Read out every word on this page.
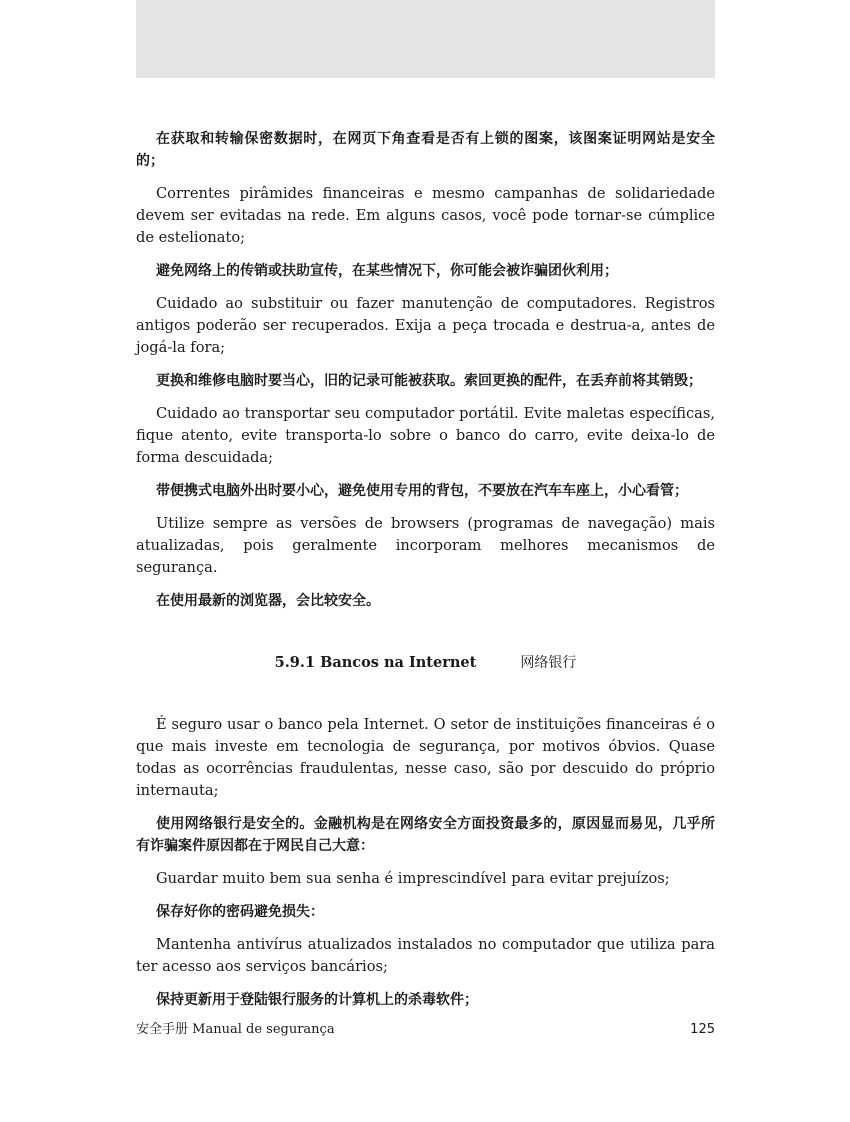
在获取和转输保密数据时，在网页下角查看是否有上锁的图案，该图案证明网站是安全的；

Correntes pirâmides financeiras e mesmo campanhas de solidariedade devem ser evitadas na rede. Em alguns casos, você pode tornar-se cúmplice de estelionato;

避免网络上的传销或扶助宣传，在某些情况下，你可能会被诈骗团伙利用；

Cuidado ao substituir ou fazer manutenção de computadores. Registros antigos poderão ser recuperados. Exija a peça trocada e destrua-a, antes de jogá-la fora;

更换和维修电脑时要当心，旧的记录可能被获取。索回更换的配件，在丢弃前将其销毁；

Cuidado ao transportar seu computador portátil. Evite maletas específicas, fique atento, evite transporta-lo sobre o banco do carro, evite deixa-lo de forma descuidada;

带便携式电脑外出时要小心，避免使用专用的背包，不要放在汽车车座上，小心看管；

Utilize sempre as versões de browsers (programas de navegação) mais atualizadas, pois geralmente incorporam melhores mecanismos de segurança.

在使用最新的浏览器，会比较安全。

5.9.1 Bancos na Internet	网络银行

É seguro usar o banco pela Internet. O setor de instituições financeiras é o que mais investe em tecnologia de segurança, por motivos óbvios. Quase todas as ocorrências fraudulentas, nesse caso, são por descuido do próprio internauta;

使用网络银行是安全的。金融机构是在网络安全方面投资最多的，原因显而易见，几乎所有诈骗案件原因都在于网民自己大意：

Guardar muito bem sua senha é imprescindível para evitar prejuízos;

保存好你的密码避免损失：

Mantenha antivírus atualizados instalados no computador que utiliza para ter acesso aos serviços bancários;

保持更新用于登陆银行服务的计算机上的杀毒软件；

安全手册 Manual de segurança	125
